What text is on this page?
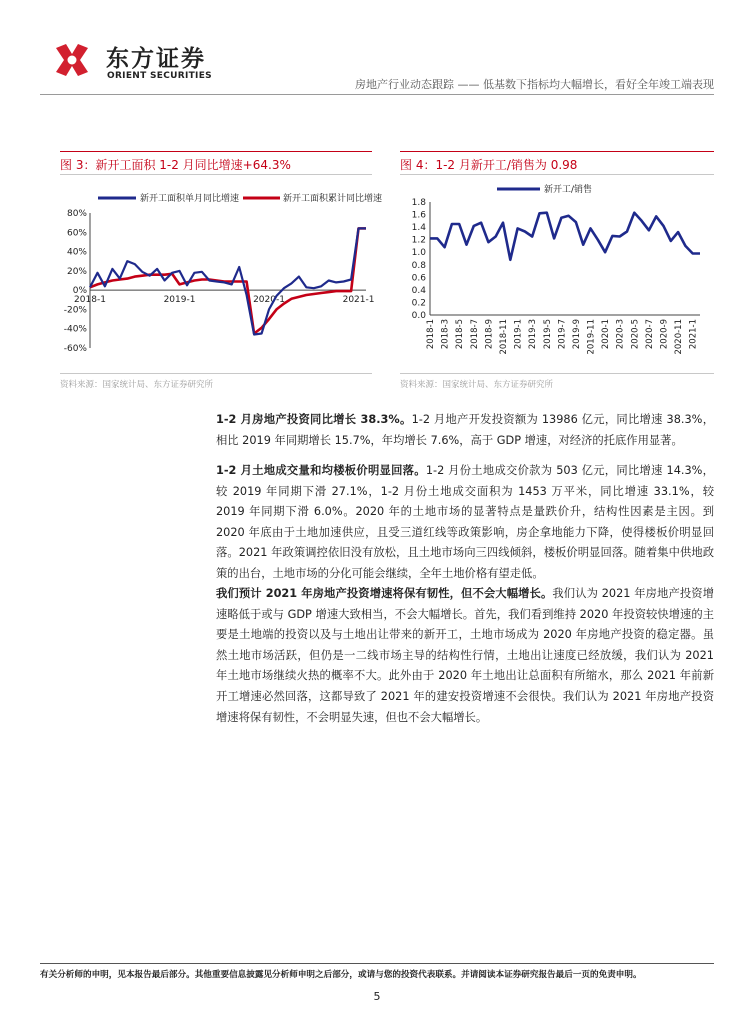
东方证券
ORIENT SECURITIES
房地产行业动态跟踪 —— 低基数下指标均大幅增长，看好全年竣工端表现
图 3：新开工面积 1-2 月同比增速+64.3%
新开工面积单月同比增速	新开工面积累计同比增速
80%
60%
40%
20%
0%
-20%
-40%
-60%
2018-1	2019-1	2020-1	2021-1
资料来源：国家统计局、东方证券研究所
图 4：1-2 月新开工/销售为 0.98
新开工/销售
1.8
1.6
1.4
1.2
1.0
0.8
0.6
0.4
0.2
0.0
2018-1 2018-3 2018-5 2018-7 2018-9 2018-11 2019-1 2019-3 2019-5 2019-7 2019-9 2019-11 2020-1 2020-3 2020-5 2020-7 2020-9 2020-11 2021-1
资料来源：国家统计局、东方证券研究所

1-2 月房地产投资同比增长 38.3%。1-2 月地产开发投资额为 13986 亿元，同比增速 38.3%，相比 2019 年同期增长 15.7%，年均增长 7.6%，高于 GDP 增速，对经济的托底作用显著。

1-2 月土地成交量和均楼板价明显回落。1-2 月份土地成交价款为 503 亿元，同比增速 14.3%，较 2019 年同期下滑 27.1%，1-2 月份土地成交面积为 1453 万平米，同比增速 33.1%，较 2019 年同期下滑 6.0%。2020 年的土地市场的显著特点是量跌价升，结构性因素是主因。到 2020 年底由于土地加速供应，且受三道红线等政策影响，房企拿地能力下降，使得楼板价明显回落。2021 年政策调控依旧没有放松，且土地市场向三四线倾斜，楼板价明显回落。随着集中供地政策的出台，土地市场的分化可能会继续，全年土地价格有望走低。

我们预计 2021 年房地产投资增速将保有韧性，但不会大幅增长。我们认为 2021 年房地产投资增速略低于或与 GDP 增速大致相当，不会大幅增长。首先，我们看到维持 2020 年投资较快增速的主要是土地端的投资以及与土地出让带来的新开工，土地市场成为 2020 年房地产投资的稳定器。虽然土地市场活跃，但仍是一二线市场主导的结构性行情，土地出让速度已经放缓，我们认为 2021 年土地市场继续火热的概率不大。此外由于 2020 年土地出让总面积有所缩水，那么 2021 年前新开工增速必然回落，这都导致了 2021 年的建安投资增速不会很快。我们认为 2021 年房地产投资增速将保有韧性，不会明显失速，但也不会大幅增长。

有关分析师的申明，见本报告最后部分。其他重要信息披露见分析师申明之后部分，或请与您的投资代表联系。并请阅读本证券研究报告最后一页的免责申明。
5
